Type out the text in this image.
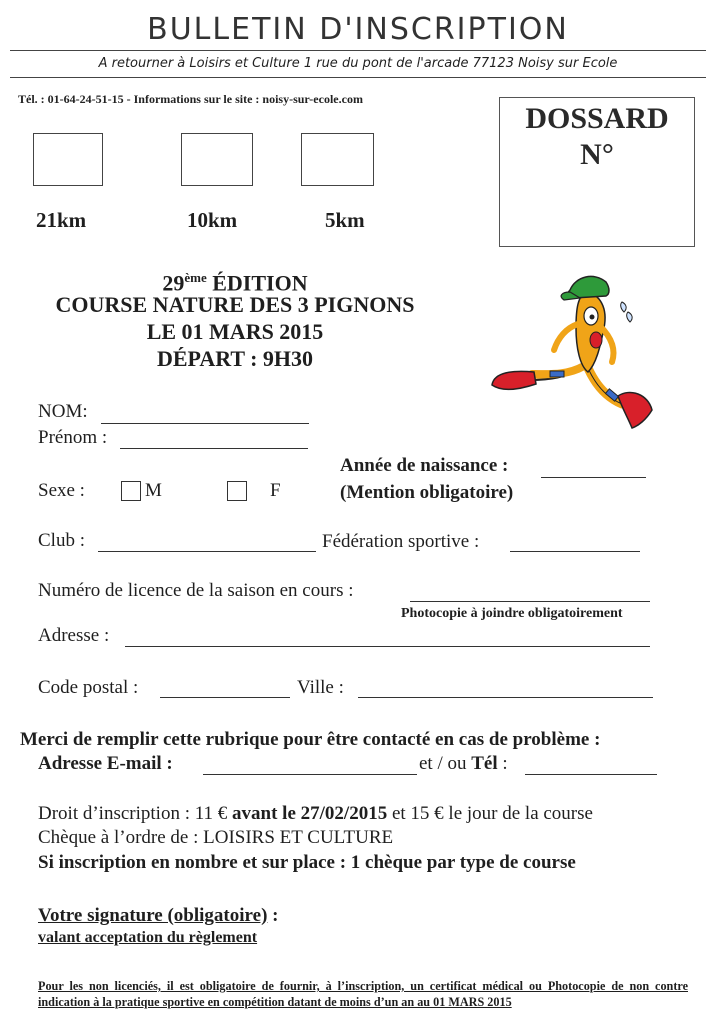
BULLETIN D'INSCRIPTION
A retourner à Loisirs et Culture 1 rue du pont de l'arcade 77123 Noisy sur Ecole
Tél. : 01-64-24-51-15 - Informations sur le site : noisy-sur-ecole.com
DOSSARD
N°
21km	10km	5km
29ème ÉDITION
COURSE NATURE DES 3 PIGNONS
LE 01 MARS 2015
DÉPART : 9H30
NOM:
Prénom :
Année de naissance :
(Mention obligatoire)
Sexe :	M	F
Club :	Fédération sportive :
Numéro de licence de la saison en cours :
Photocopie à joindre obligatoirement
Adresse :
Code postal :	Ville :
Merci de remplir cette rubrique pour être contacté en cas de problème :
Adresse E-mail :	et / ou Tél :
Droit d’inscription : 11 € avant le 27/02/2015 et 15 € le jour de la course
Chèque à l’ordre de : LOISIRS ET CULTURE
Si inscription en nombre et sur place : 1 chèque par type de course
Votre signature (obligatoire) :
valant acceptation du règlement
Pour les non licenciés, il est obligatoire de fournir, à l’inscription, un certificat médical ou Photocopie de non contre indication à la pratique sportive en compétition datant de moins d’un an au 01 MARS 2015
